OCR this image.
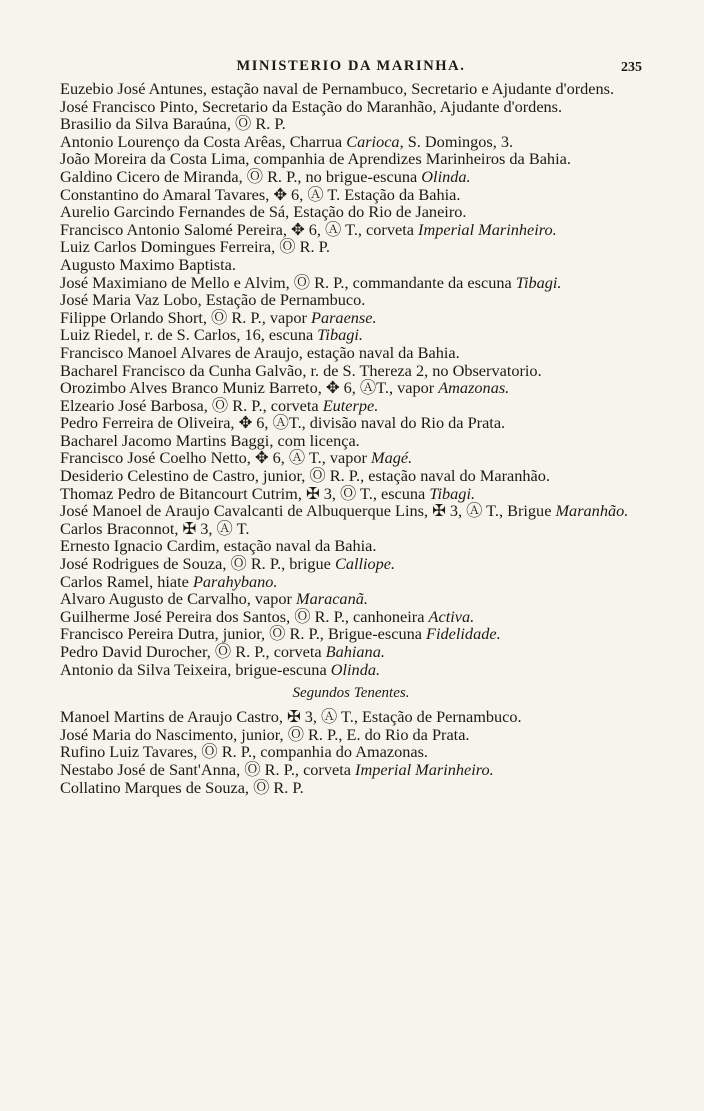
MINISTERIO DA MARINHA.	235
Euzebio José Antunes, estação naval de Pernambuco, Secretario e Ajudante d'ordens.
José Francisco Pinto, Secretario da Estação do Maranhão, Ajudante d'ordens.
Brasilio da Silva Baraúna, Ⓞ R. P.
Antonio Lourenço da Costa Arêas, Charrua Carioca, S. Domingos, 3.
João Moreira da Costa Lima, companhia de Aprendizes Marinheiros da Bahia.
Galdino Cicero de Miranda, Ⓞ R. P., no brigue-escuna Olinda.
Constantino do Amaral Tavares, ✥ 6, Ⓐ T. Estação da Bahia.
Aurelio Garcindo Fernandes de Sá, Estação do Rio de Janeiro.
Francisco Antonio Salomé Pereira, ✥ 6, Ⓐ T., corveta Imperial Marinheiro.
Luiz Carlos Domingues Ferreira, Ⓞ R. P.
Augusto Maximo Baptista.
José Maximiano de Mello e Alvim, Ⓞ R. P., commandante da escuna Tibagi.
José Maria Vaz Lobo, Estação de Pernambuco.
Filippe Orlando Short, Ⓞ R. P., vapor Paraense.
Luiz Riedel, r. de S. Carlos, 16, escuna Tibagi.
Francisco Manoel Alvares de Araujo, estação naval da Bahia.
Bacharel Francisco da Cunha Galvão, r. de S. Thereza 2, no Observatorio.
Orozimbo Alves Branco Muniz Barreto, ✥ 6, ⒶT., vapor Amazonas.
Elzeario José Barbosa, Ⓞ R. P., corveta Euterpe.
Pedro Ferreira de Oliveira, ✥ 6, ⒶT., divisão naval do Rio da Prata.
Bacharel Jacomo Martins Baggi, com licença.
Francisco José Coelho Netto, ✥ 6, Ⓐ T., vapor Magé.
Desiderio Celestino de Castro, junior, Ⓞ R. P., estação naval do Maranhão.
Thomaz Pedro de Bitancourt Cutrim, ✠ 3, Ⓞ T., escuna Tibagi.
José Manoel de Araujo Cavalcanti de Albuquerque Lins, ✠ 3, Ⓐ T., Brigue Maranhão.
Carlos Braconnot, ✠ 3, Ⓐ T.
Ernesto Ignacio Cardim, estação naval da Bahia.
José Rodrigues de Souza, Ⓞ R. P., brigue Calliope.
Carlos Ramel, hiate Parahybano.
Alvaro Augusto de Carvalho, vapor Maracanã.
Guilherme José Pereira dos Santos, Ⓞ R. P., canhoneira Activa.
Francisco Pereira Dutra, junior, Ⓞ R. P., Brigue-escuna Fidelidade.
Pedro David Durocher, Ⓞ R. P., corveta Bahiana.
Antonio da Silva Teixeira, brigue-escuna Olinda.
Segundos Tenentes.
Manoel Martins de Araujo Castro, ✠ 3, Ⓐ T., Estação de Pernambuco.
José Maria do Nascimento, junior, Ⓞ R. P., E. do Rio da Prata.
Rufino Luiz Tavares, Ⓞ R. P., companhia do Amazonas.
Nestabo José de Sant'Anna, Ⓞ R. P., corveta Imperial Marinheiro.
Collatino Marques de Souza, Ⓞ R. P.
